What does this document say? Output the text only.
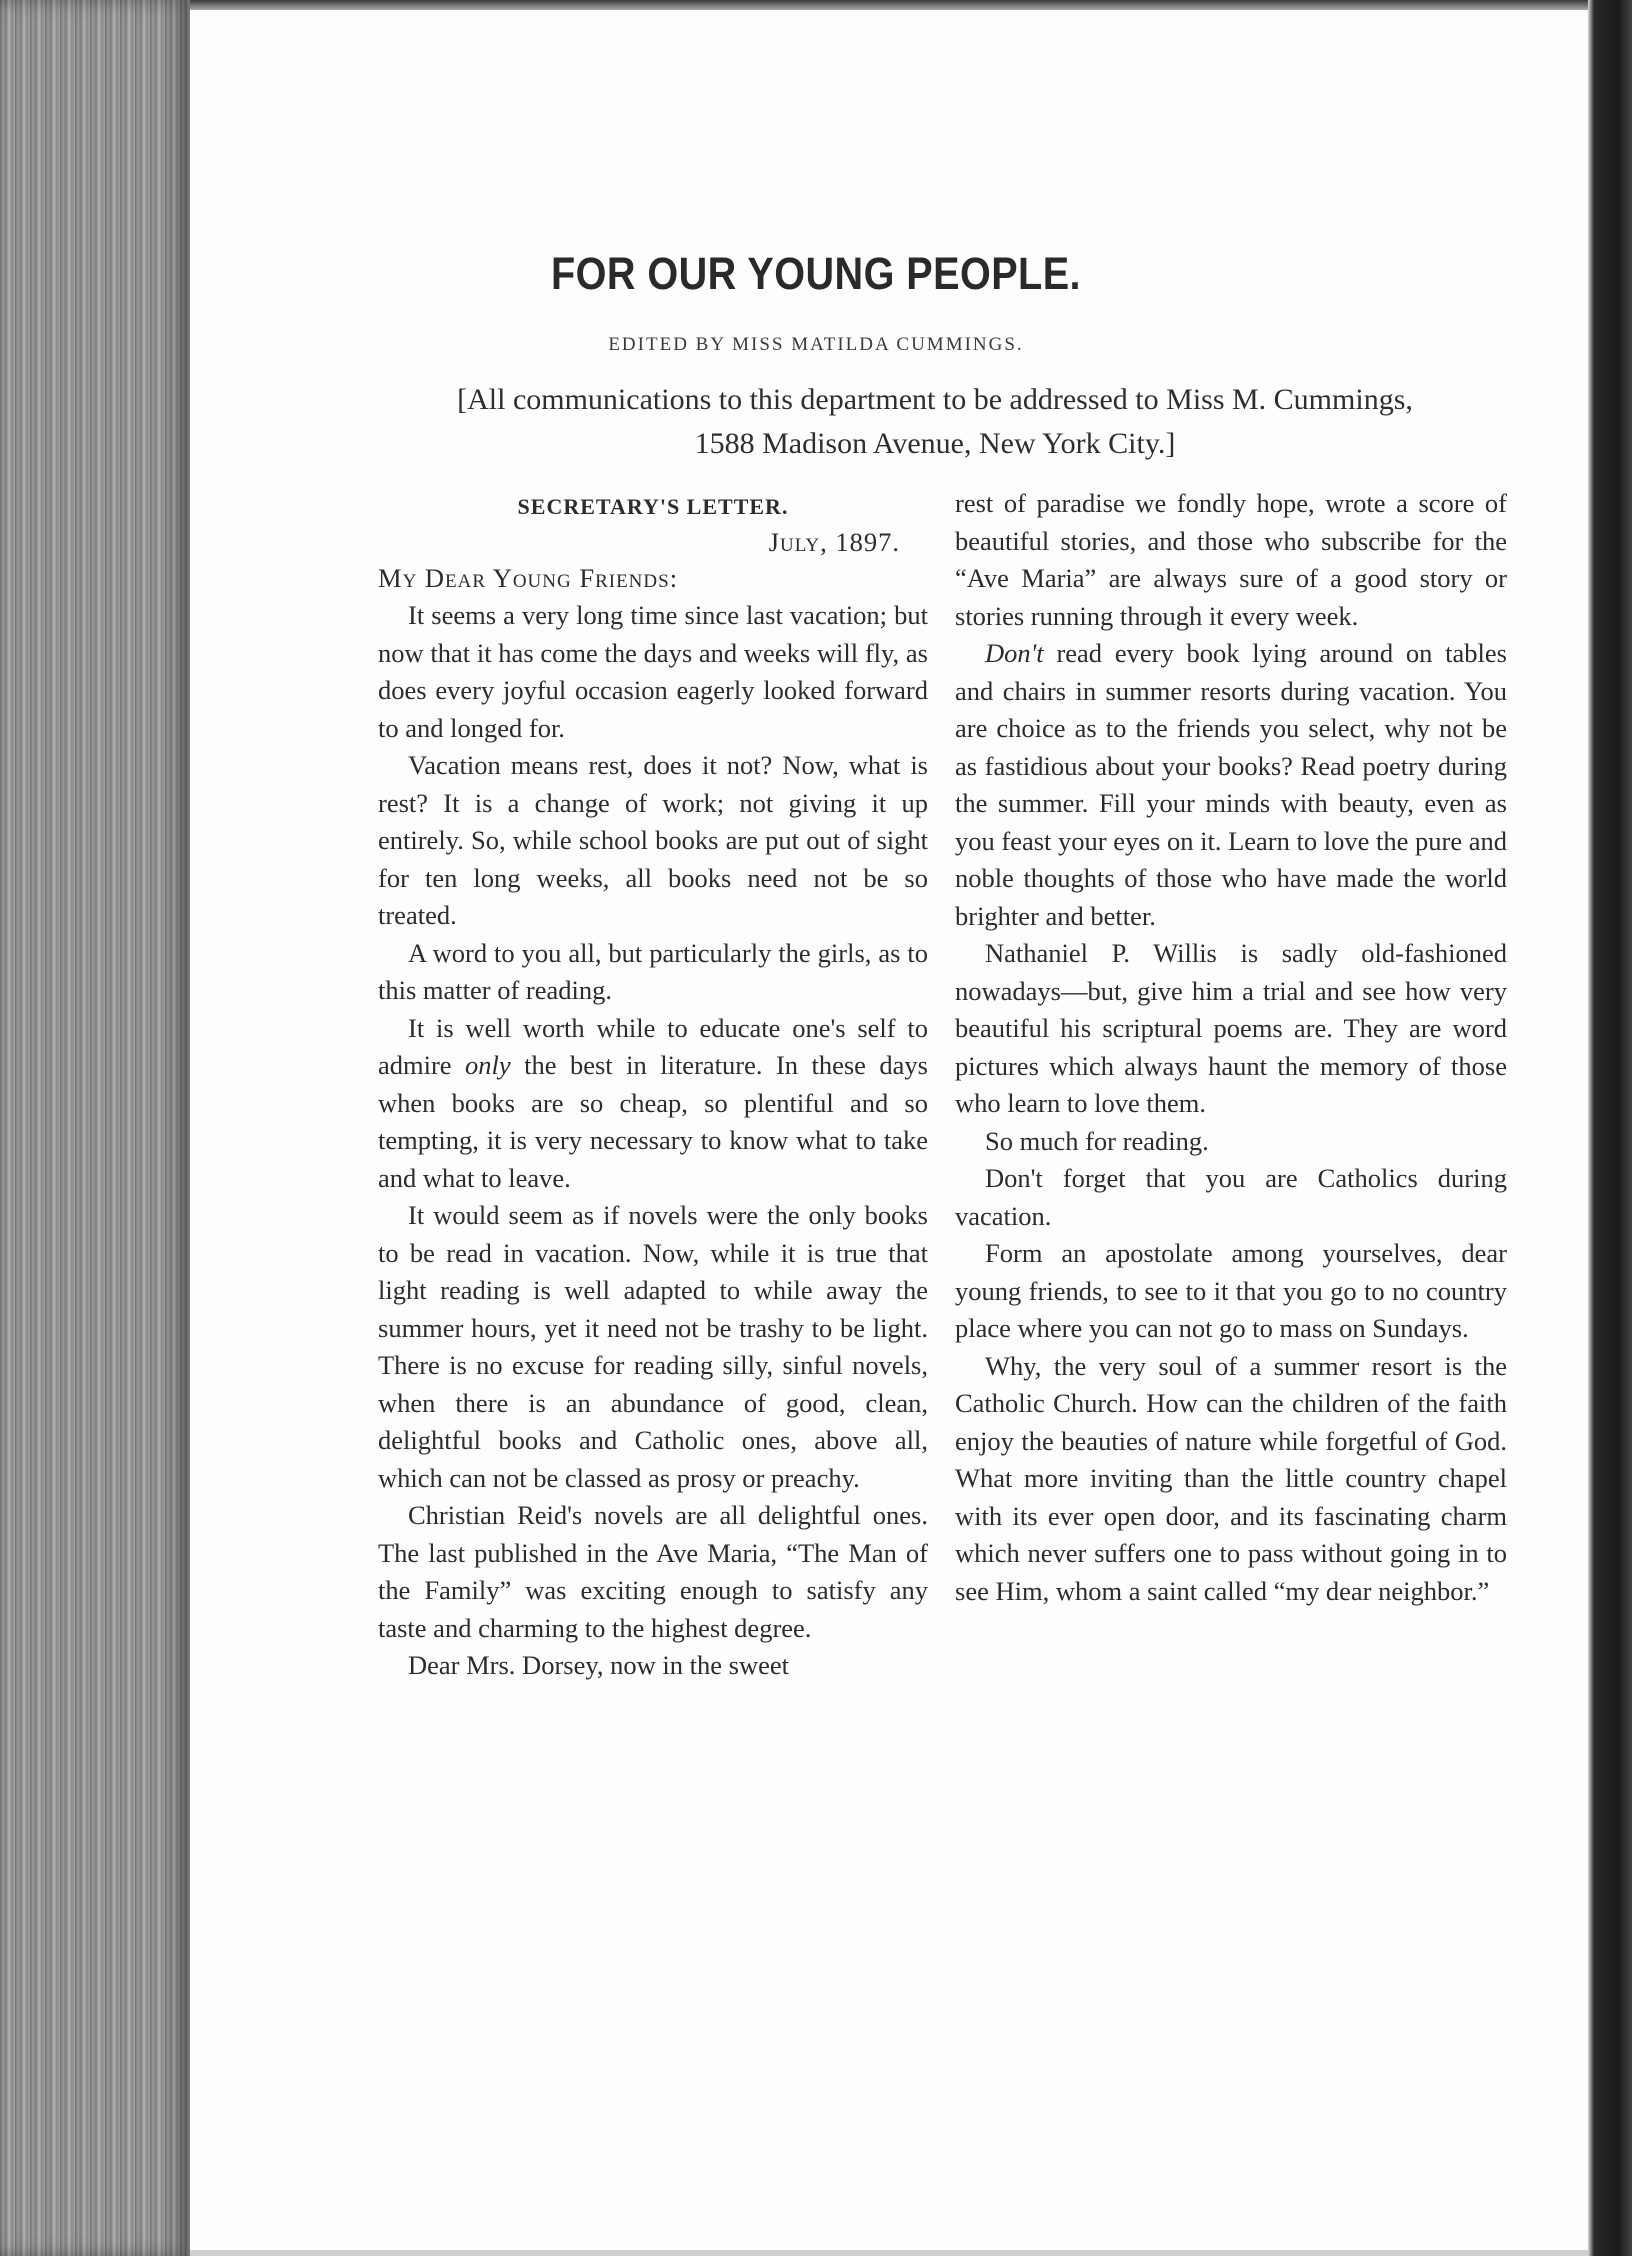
FOR OUR YOUNG PEOPLE.
EDITED BY MISS MATILDA CUMMINGS.
[All communications to this department to be addressed to Miss M. Cummings,
1588 Madison Avenue, New York City.]
SECRETARY'S LETTER.
July, 1897.
My Dear Young Friends:

It seems a very long time since last vacation; but now that it has come the days and weeks will fly, as does every joyful occasion eagerly looked forward to and longed for.

Vacation means rest, does it not? Now, what is rest? It is a change of work; not giving it up entirely. So, while school books are put out of sight for ten long weeks, all books need not be so treated.

A word to you all, but particularly the girls, as to this matter of reading.

It is well worth while to educate one's self to admire only the best in literature. In these days when books are so cheap, so plentiful and so tempting, it is very necessary to know what to take and what to leave.

It would seem as if novels were the only books to be read in vacation. Now, while it is true that light reading is well adapted to while away the summer hours, yet it need not be trashy to be light. There is no excuse for reading silly, sinful novels, when there is an abundance of good, clean, delightful books and Catholic ones, above all, which can not be classed as prosy or preachy.

Christian Reid's novels are all delightful ones. The last published in the Ave Maria, “The Man of the Family” was exciting enough to satisfy any taste and charming to the highest degree.

Dear Mrs. Dorsey, now in the sweet

rest of paradise we fondly hope, wrote a score of beautiful stories, and those who subscribe for the “Ave Maria” are always sure of a good story or stories running through it every week.

Don't read every book lying around on tables and chairs in summer resorts during vacation. You are choice as to the friends you select, why not be as fastidious about your books? Read poetry during the summer. Fill your minds with beauty, even as you feast your eyes on it. Learn to love the pure and noble thoughts of those who have made the world brighter and better.

Nathaniel P. Willis is sadly old-fashioned nowadays—but, give him a trial and see how very beautiful his scriptural poems are. They are word pictures which always haunt the memory of those who learn to love them.

So much for reading.

Don't forget that you are Catholics during vacation.

Form an apostolate among yourselves, dear young friends, to see to it that you go to no country place where you can not go to mass on Sundays.

Why, the very soul of a summer resort is the Catholic Church. How can the children of the faith enjoy the beauties of nature while forgetful of God. What more inviting than the little country chapel with its ever open door, and its fascinating charm which never suffers one to pass without going in to see Him, whom a saint called “my dear neighbor.”
